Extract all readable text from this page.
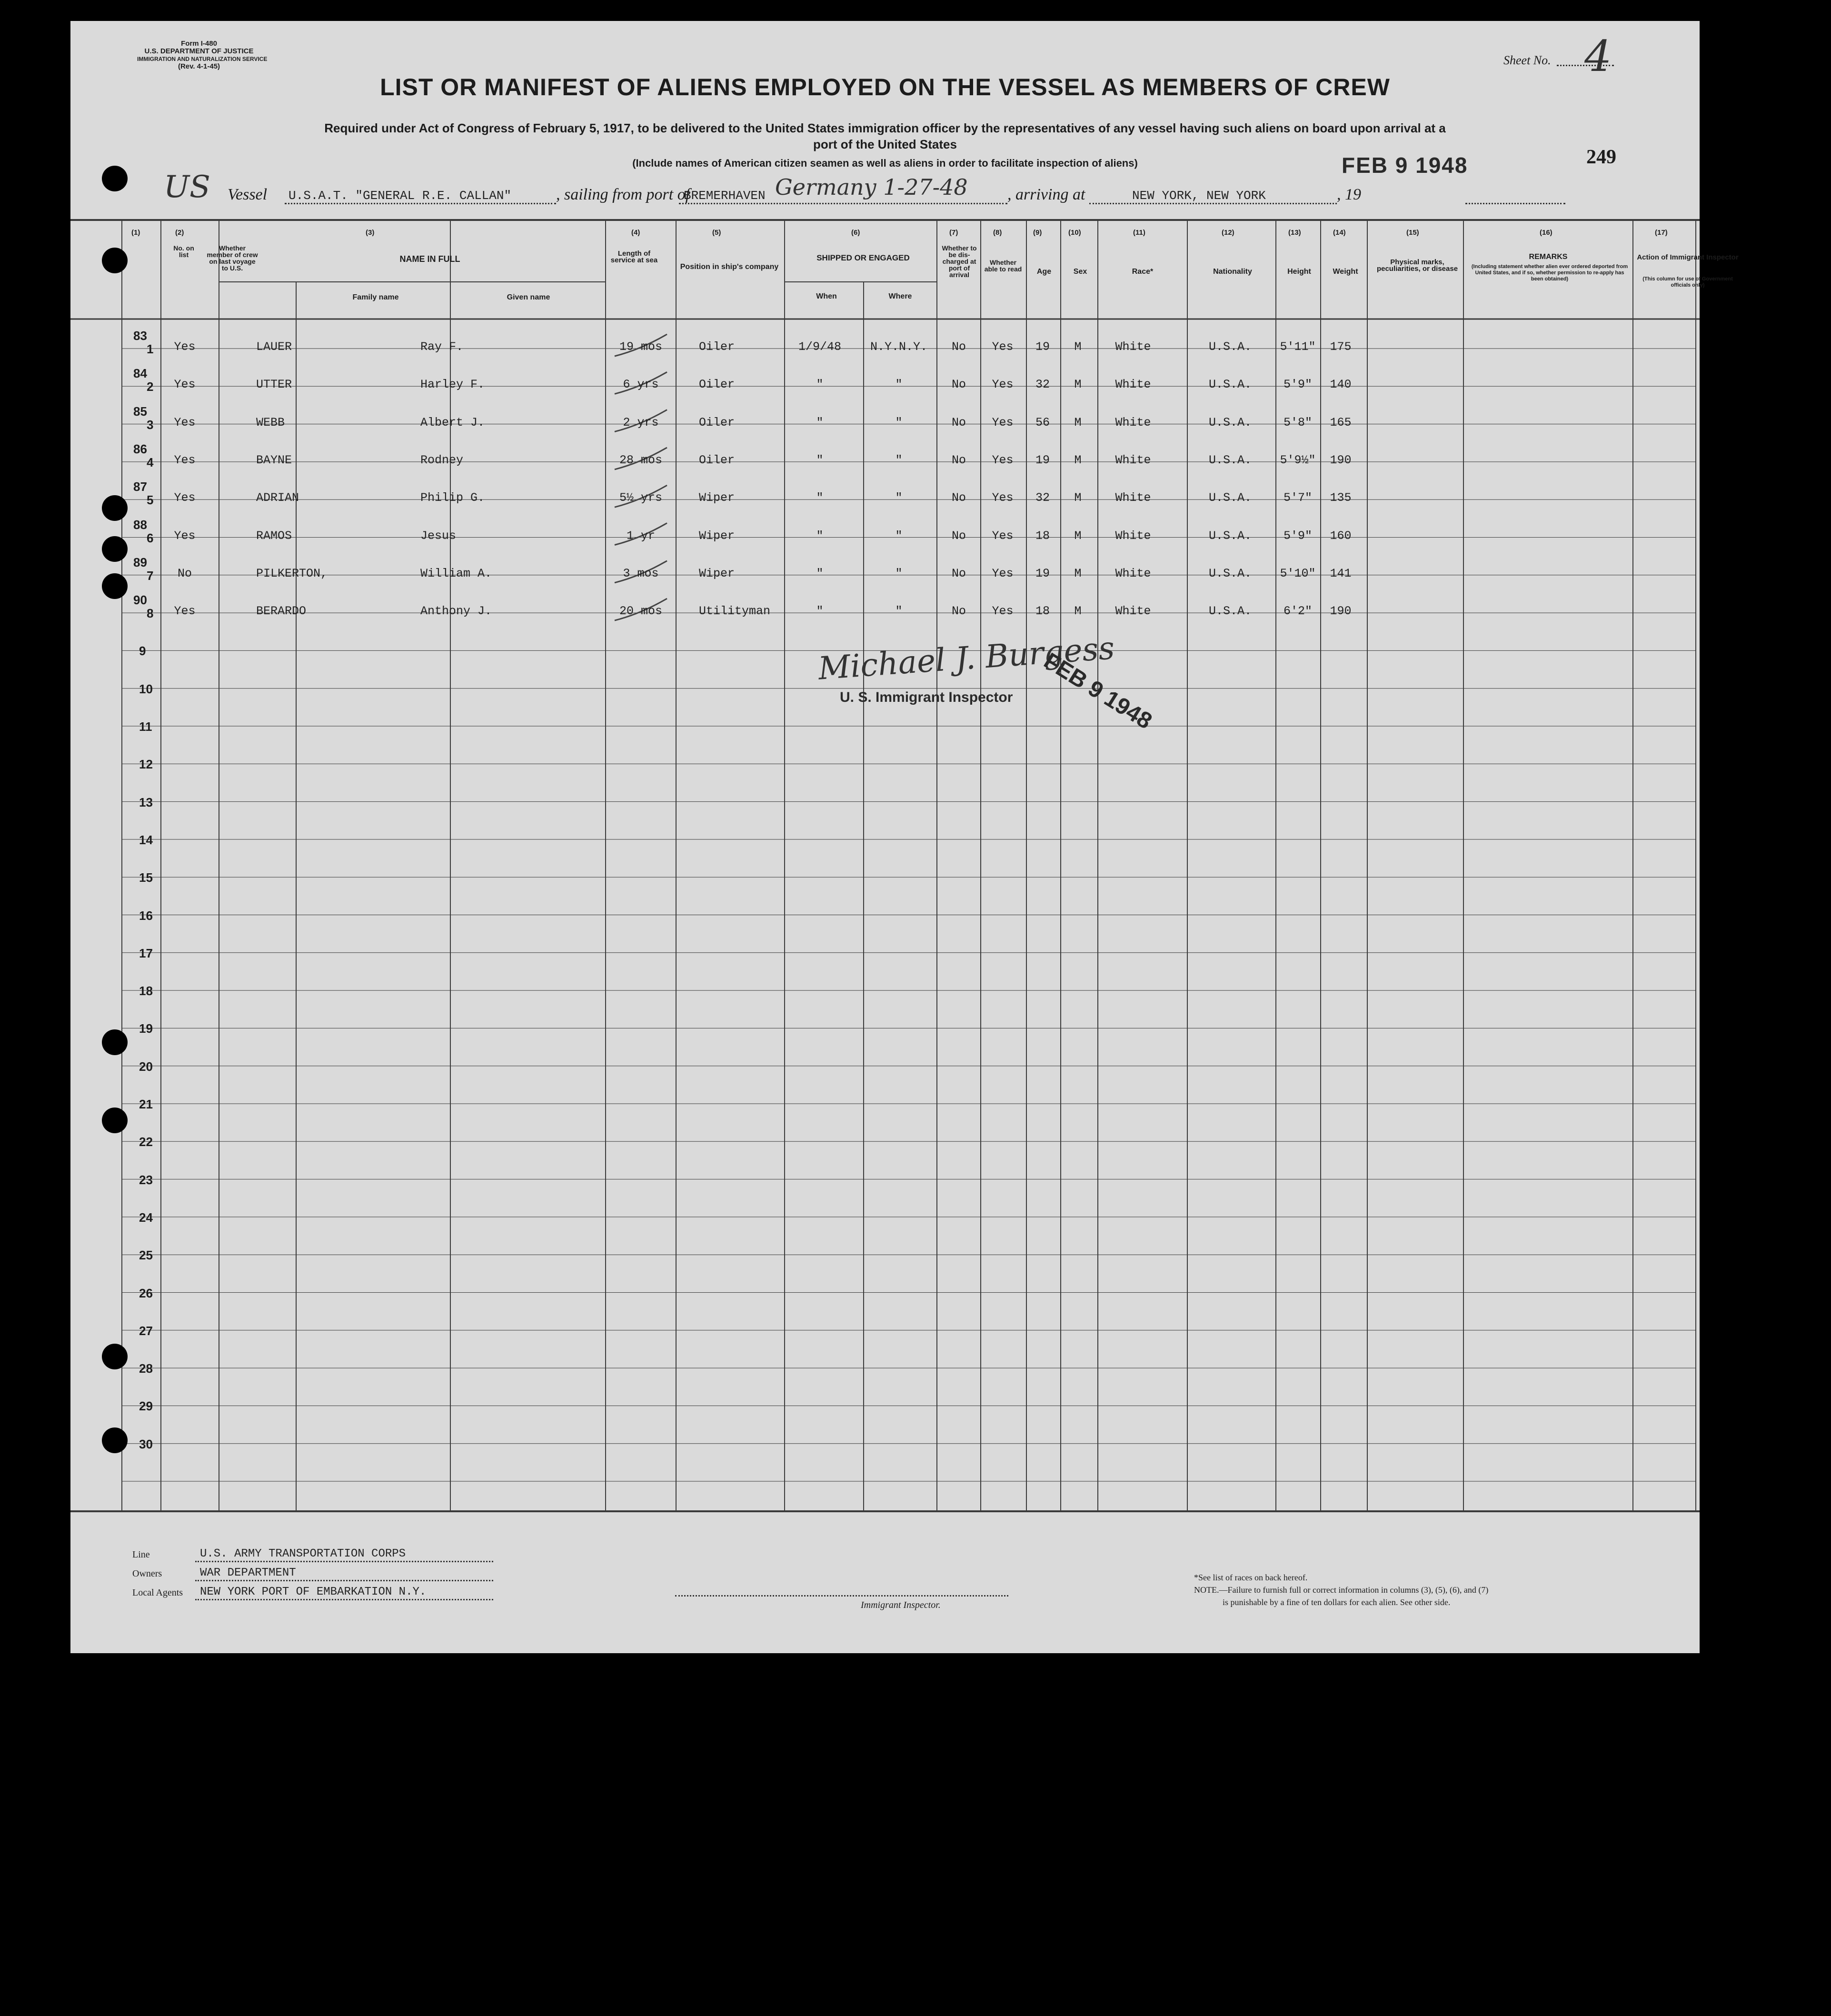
Form I-480
U.S. DEPARTMENT OF JUSTICE
IMMIGRATION AND NATURALIZATION SERVICE
(Rev. 4-1-45)	Sheet No. 4
LIST OR MANIFEST OF ALIENS EMPLOYED ON THE VESSEL AS MEMBERS OF CREW
Required under Act of Congress of February 5, 1917, to be delivered to the United States immigration officer by the representatives of any vessel having such aliens on board upon arrival at a
port of the United States
(Include names of American citizen seamen as well as aliens in order to facilitate inspection of aliens)	FEB 9 1948	249
US Vessel U.S.A.T. "GENERAL R.E. CALLAN"	, sailing from port of
BREMERHAVEN Germany 1-27-48 , arriving at	NEW YORK, NEW YORK	, 19
(1)	(2)	(3)	(4)	(5)	(6)	(7)	(8)	(9)	(10)	(11)	(12)	(13)	(14)	(15)	(16)	(17)
No. on list
Whether member of crew on last voyage to U.S.
NAME IN FULL
Family name	Given name
Length of service at sea
Position in ship's company
SHIPPED OR ENGAGED
When	Where
Whether to be dis-charged at port of arrival
Whether able to read	Age	Sex	Race*	Nationality	Height	Weight
Physical marks, peculiarities, or disease
REMARKS
(Including statement whether alien ever ordered deported from United States, and if so, whether permission to re-apply has been obtained)
Action of Immigrant Inspector
(This column for use of Government officials only)
83
1	Yes	LAUER	Ray F.	19 mos	Oiler	1/9/48	N.Y.N.Y.	No	Yes	19	M	White	U.S.A.	5'11"	175
84
2	Yes	UTTER	Harley F.	6 yrs	Oiler	"	"	No	Yes	32	M	White	U.S.A.	5'9"	140
85
3	Yes	WEBB	Albert J.	2 yrs	Oiler	"	"	No	Yes	56	M	White	U.S.A.	5'8"	165
86
4	Yes	BAYNE	Rodney	28 mos	Oiler	"	"	No	Yes	19	M	White	U.S.A.	5'9½"	190
87
5	Yes	ADRIAN	Philip G.	5½ yrs	Wiper	"	"	No	Yes	32	M	White	U.S.A.	5'7"	135
88
6	Yes	RAMOS	Jesus	1 yr	Wiper	"	"	No	Yes	18	M	White	U.S.A.	5'9"	160
89
7	No	PILKERTON,	William A.	3 mos	Wiper	"	"	No	Yes	19	M	White	U.S.A.	5'10"	141
90
8	Yes	BERARDO	Anthony J.	20 mos	Utilityman	"	"	No	Yes	18	M	White	U.S.A.	6'2"	190
9
10
11
12
13
14
15
16
17
18
19
20
21
22
23
24
25
26
27
28
29
30
Michael J. Burgess
U. S. Immigrant Inspector FEB 9 1948
Line	U.S. ARMY TRANSPORTATION CORPS
Owners	WAR DEPARTMENT
Local Agents NEW YORK PORT OF EMBARKATION N.Y.
Immigrant Inspector.
*See list of races on back hereof.
NOTE.—Failure to furnish full or correct information in columns (3), (5), (6), and (7)
is punishable by a fine of ten dollars for each alien. See other side.
